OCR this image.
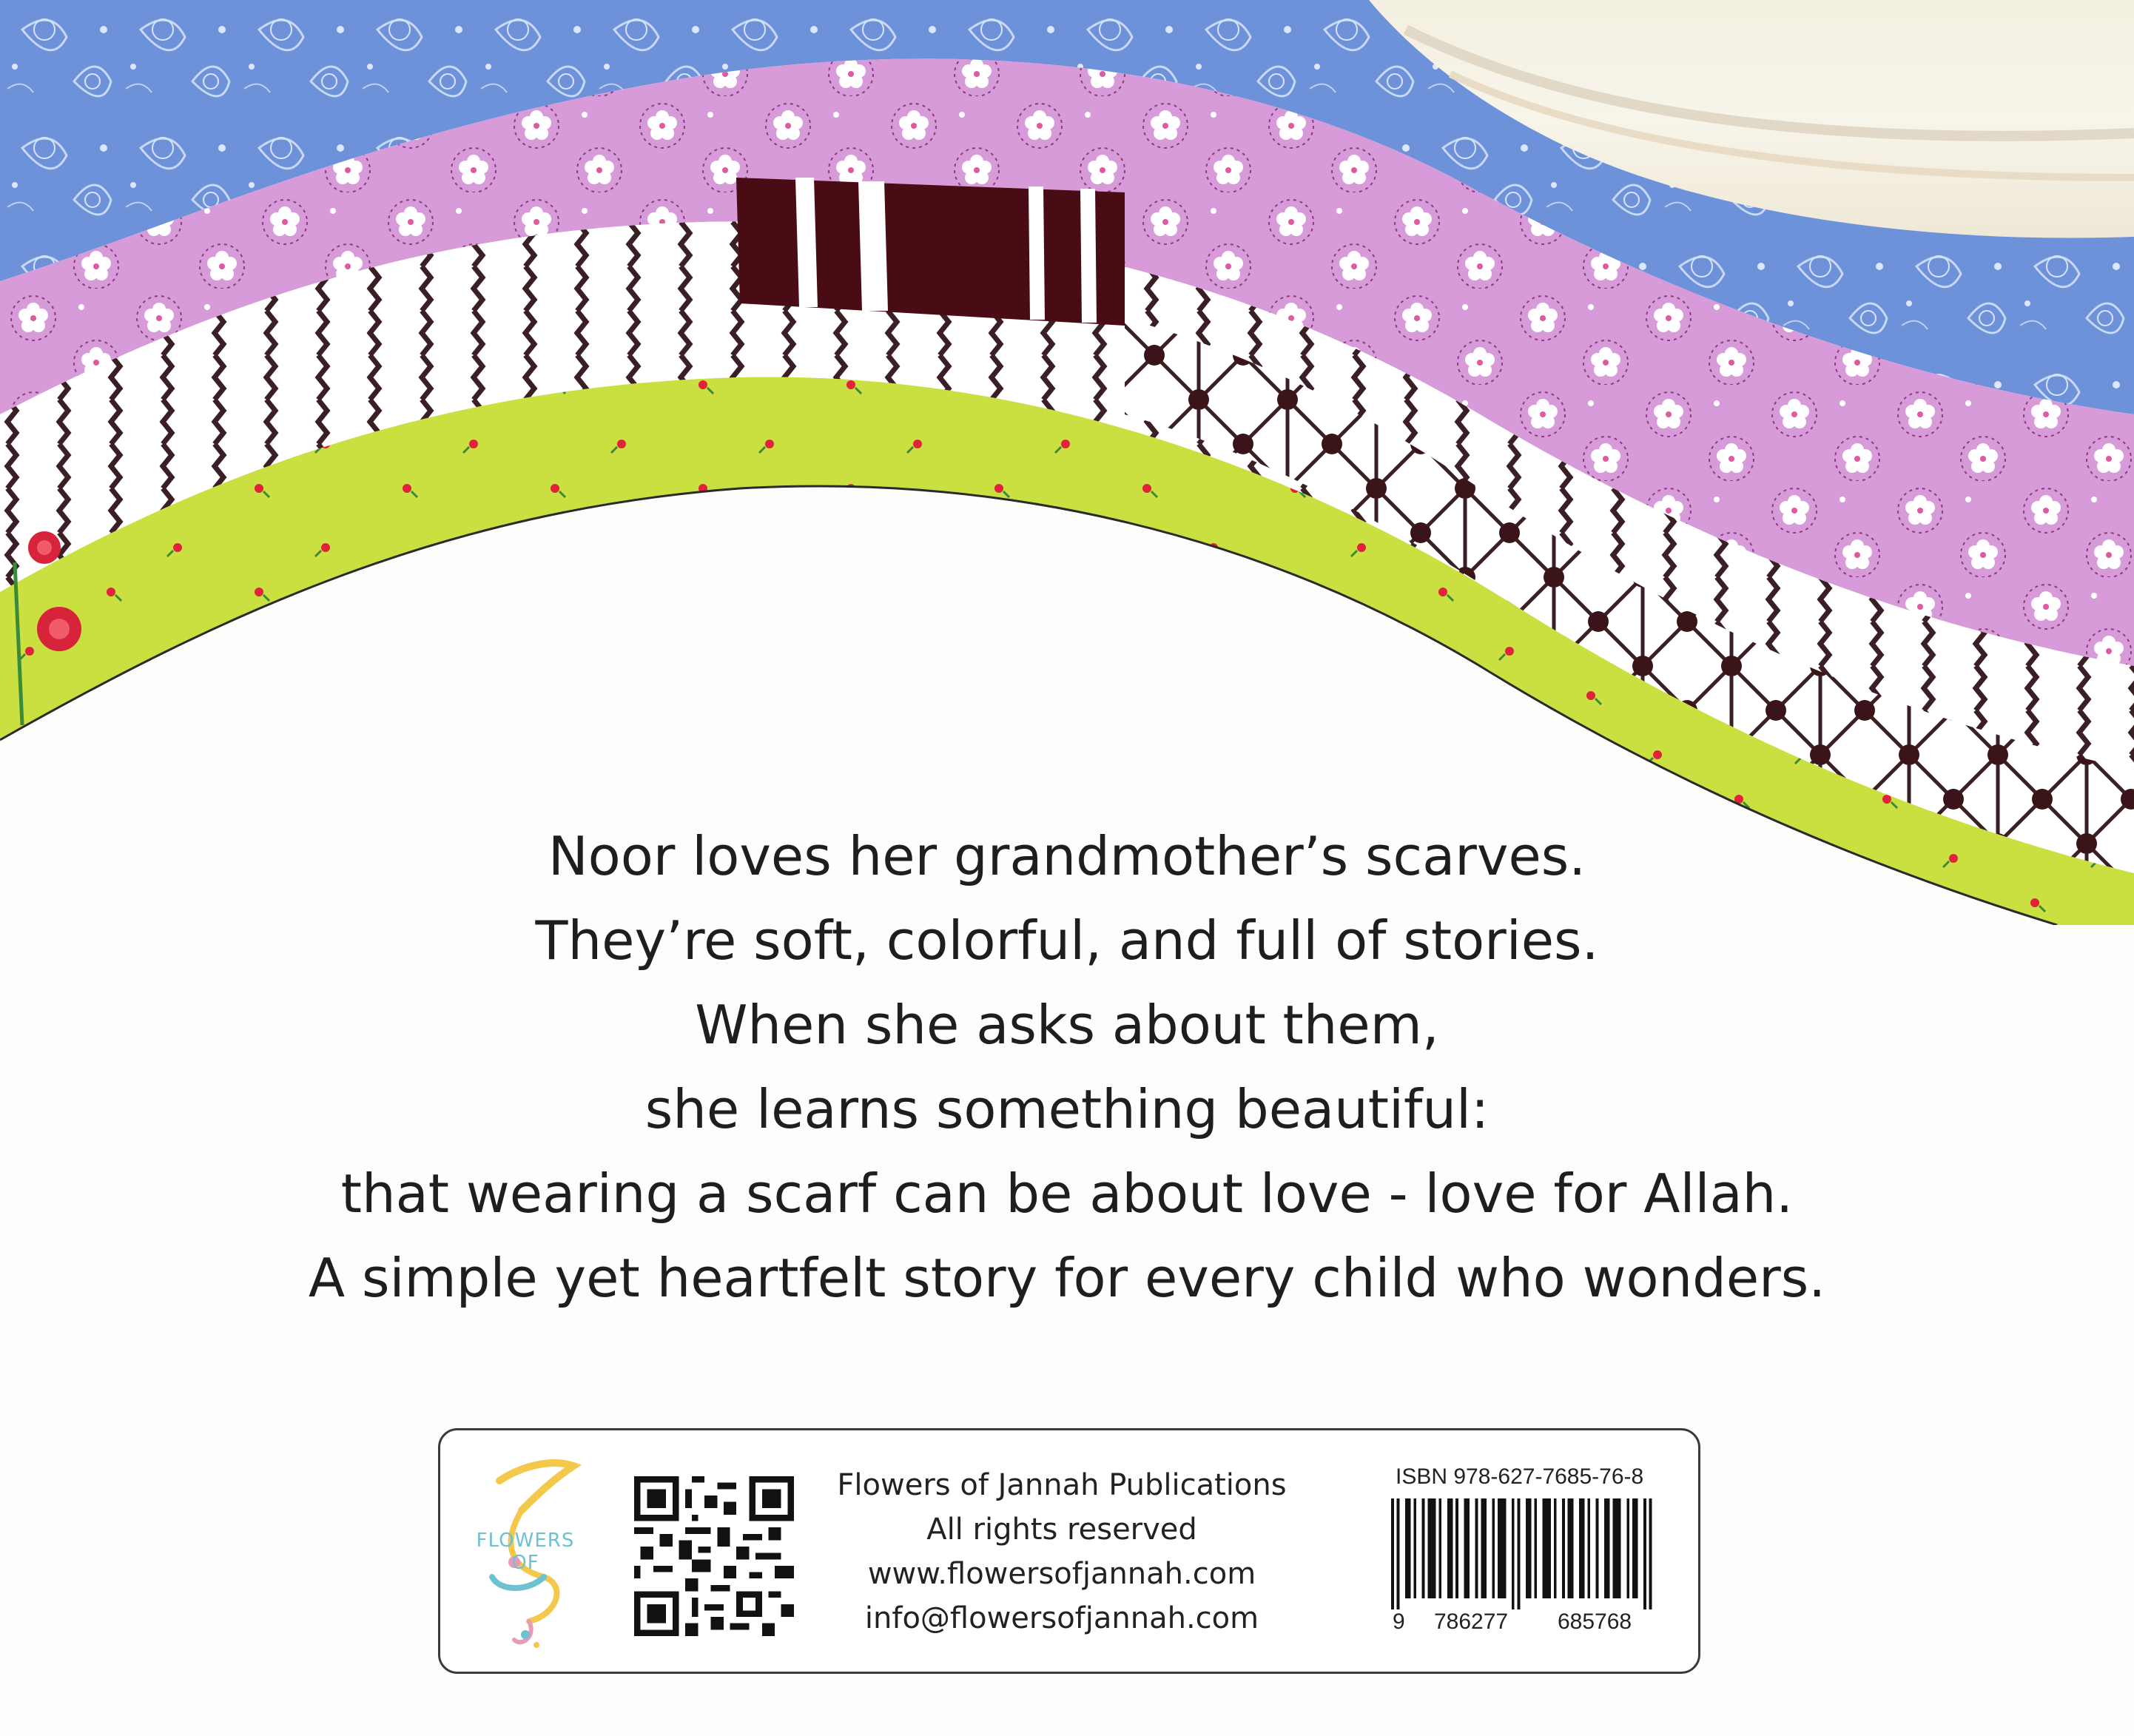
Noor loves her grandmother’s scarves.
They’re soft, colorful, and full of stories.
When she asks about them,
she learns something beautiful:
that wearing a scarf can be about love - love for Allah.
A simple yet heartfelt story for every child who wonders.
FLOWERS OF
Flowers of Jannah Publications
All rights reserved
www.flowersofjannah.com
info@flowersofjannah.com
ISBN 978-627-7685-76-8
9 786277 685768
